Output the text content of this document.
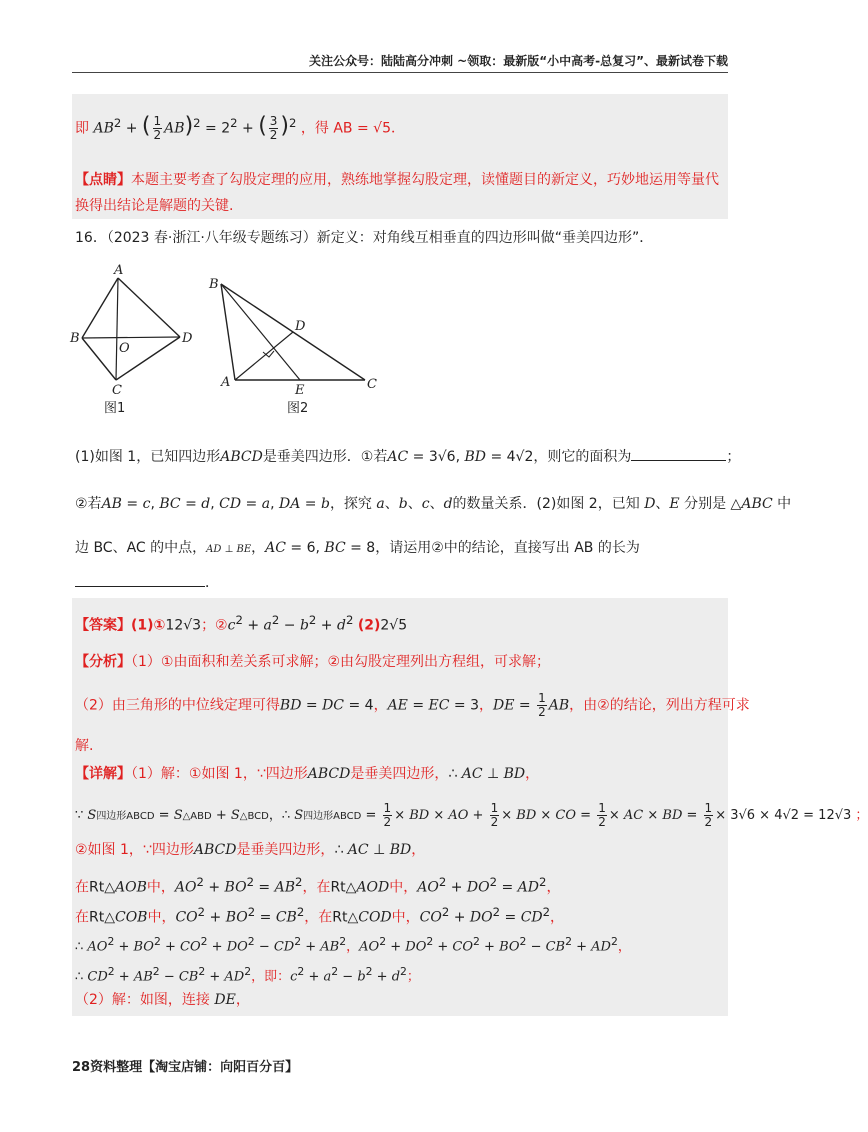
关注公众号：陆陆高分冲刺 ~领取：最新版“小中高考-总复习”、最新试卷下载
即 $AB^2$ + ( $\frac{1}{2} AB)^2 = 2^2$ + ( $\frac{3}{2} )^2$ ，得 AB = √5．
【点睛】本题主要考查了勾股定理的应用，熟练地掌握勾股定理，读懂题目的新定义，巧妙地运用等量代
换得出结论是解题的关键.
16．（2023 春·浙江·八年级专题练习）新定义：对角线互相垂直的四边形叫做“垂美四边形”．
A
B	D
C
O
图1
B
D
A
E	C
图2
(1)如图 1，已知四边形ABCD是垂美四边形．①若AC = 3√6, BD = 4√2，则它的面积为	；
②若AB = c, BC = d, CD = a, DA = b，探究 a、b、c、d的数量关系．(2)如图 2，已知 D、E 分别是 △ABC 中
边 BC、AC 的中点，AD ⊥ BE，AC = 6, BC = 8，请运用②中的结论，直接写出 AB 的长为
．
【答案】(1)①12√3；$②c^2 + a^2 - b^2 + d^2$ (2)2√5
【分析】（1）①由面积和差关系可求解；②由勾股定理列出方程组，可求解；
（2）由三角形的中位线定理可得BD = DC = 4，AE = EC = 3，DE = $\frac{1}{2}$ AB，由②的结论，列出方程可求
解.
【详解】（1）解：①如图 1，∵四边形ABCD是垂美四边形，∴ AC ⊥ BD，
∵ S四边形ABCD = S△ABD + S△BCD，∴ S四边形ABCD = $\frac{1}{2}$ × BD × AO + $\frac{1}{2}$ × BD × CO = $\frac{1}{2}$ × AC × BD = $\frac{1}{2} \times 3√6 \times 4√2 = 12√3$ ；
②如图 1，∵四边形ABCD是垂美四边形，∴ AC ⊥ BD，
在Rt△AOB中，$AO^2 + BO^2 = AB^2$，在Rt△AOD中，$AO^2 + DO^2 = AD^2$，
在Rt△COB中，$CO^2 + BO^2 = CB^2$，在Rt△COD中，$CO^2 + DO^2 = CD^2$，
∴ $AO^2 + BO^2 + CO^2 + DO^2 - CD^2 + AB^2$，$AO^2 + DO^2 + CO^2 + BO^2 - CB^2 + AD^2$，
∴ $CD^2 + AB^2 - CB^2 + AD^2$，即：$c^2 + a^2 - b^2 + d^2$；
（2）解：如图，连接 DE，
28资料整理【淘宝店铺：向阳百分百】
